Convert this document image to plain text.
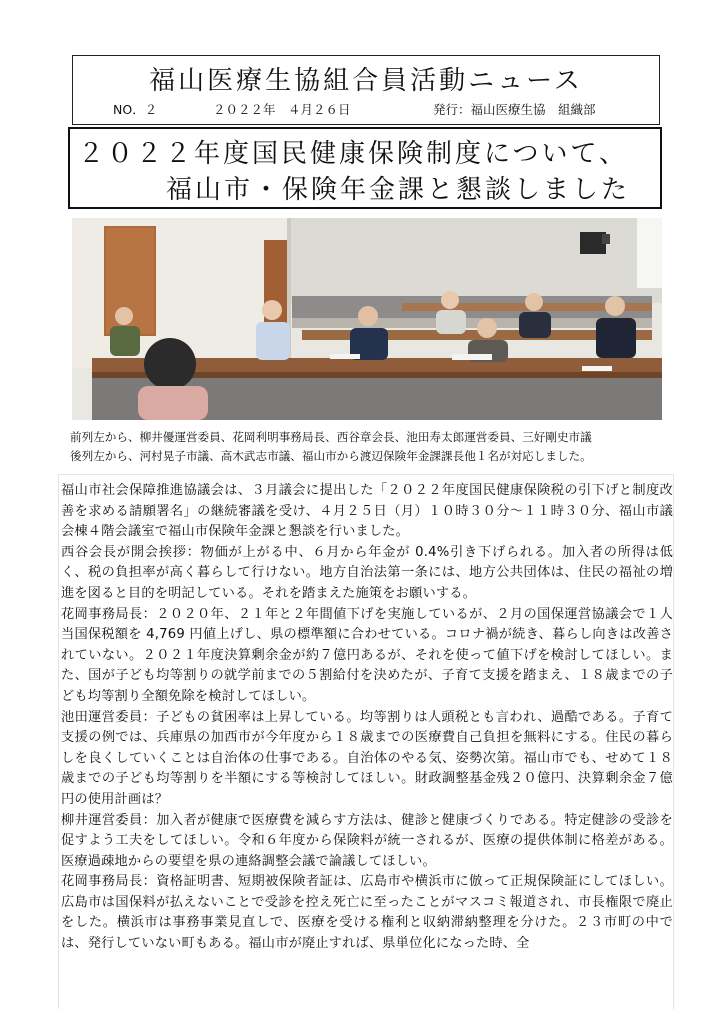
福山医療生協組合員活動ニュース
NO．２	２０２２年　４月２６日	発行：福山医療生協　組織部
２０２２年度国民健康保険制度について、
福山市・保険年金課と懇談しました
前列左から、柳井優運営委員、花岡利明事務局長、西谷章会長、池田寿太郎運営委員、三好剛史市議
後列左から、河村晃子市議、高木武志市議、福山市から渡辺保険年金課課長他１名が対応しました。

福山市社会保障推進協議会は、３月議会に提出した「２０２２年度国民健康保険税の引下げと制度改善を求める請願署名」の継続審議を受け、４月２５日（月）１０時３０分～１１時３０分、福山市議会棟４階会議室で福山市保険年金課と懇談を行いました。

西谷会長が開会挨拶：物価が上がる中、６月から年金が 0.4%引き下げられる。加入者の所得は低く、税の負担率が高く暮らして行けない。地方自治法第一条には、地方公共団体は、住民の福祉の増進を図ると目的を明記している。それを踏まえた施策をお願いする。

花岡事務局長：２０２０年、２１年と２年間値下げを実施しているが、２月の国保運営協議会で１人当国保税額を 4,769 円値上げし、県の標準額に合わせている。コロナ禍が続き、暮らし向きは改善されていない。２０２１年度決算剰余金が約７億円あるが、それを使って値下げを検討してほしい。また、国が子ども均等割りの就学前までの５割給付を決めたが、子育て支援を踏まえ、１８歳までの子ども均等割り全額免除を検討してほしい。

池田運営委員：子どもの貧困率は上昇している。均等割りは人頭税とも言われ、過酷である。子育て支援の例では、兵庫県の加西市が今年度から１８歳までの医療費自己負担を無料にする。住民の暮らしを良くしていくことは自治体の仕事である。自治体のやる気、姿勢次第。福山市でも、せめて１８歳までの子ども均等割りを半額にする等検討してほしい。財政調整基金残２０億円、決算剰余金７億円の使用計画は？

柳井運営委員：加入者が健康で医療費を減らす方法は、健診と健康づくりである。特定健診の受診を促すよう工夫をしてほしい。令和６年度から保険料が統一されるが、医療の提供体制に格差がある。医療過疎地からの要望を県の連絡調整会議で論議してほしい。

花岡事務局長：資格証明書、短期被保険者証は、広島市や横浜市に倣って正規保険証にしてほしい。広島市は国保料が払えないことで受診を控え死亡に至ったことがマスコミ報道され、市長権限で廃止をした。横浜市は事務事業見直しで、医療を受ける権利と収納滞納整理を分けた。２３市町の中では、発行していない町もある。福山市が廃止すれば、県単位化になった時、全
